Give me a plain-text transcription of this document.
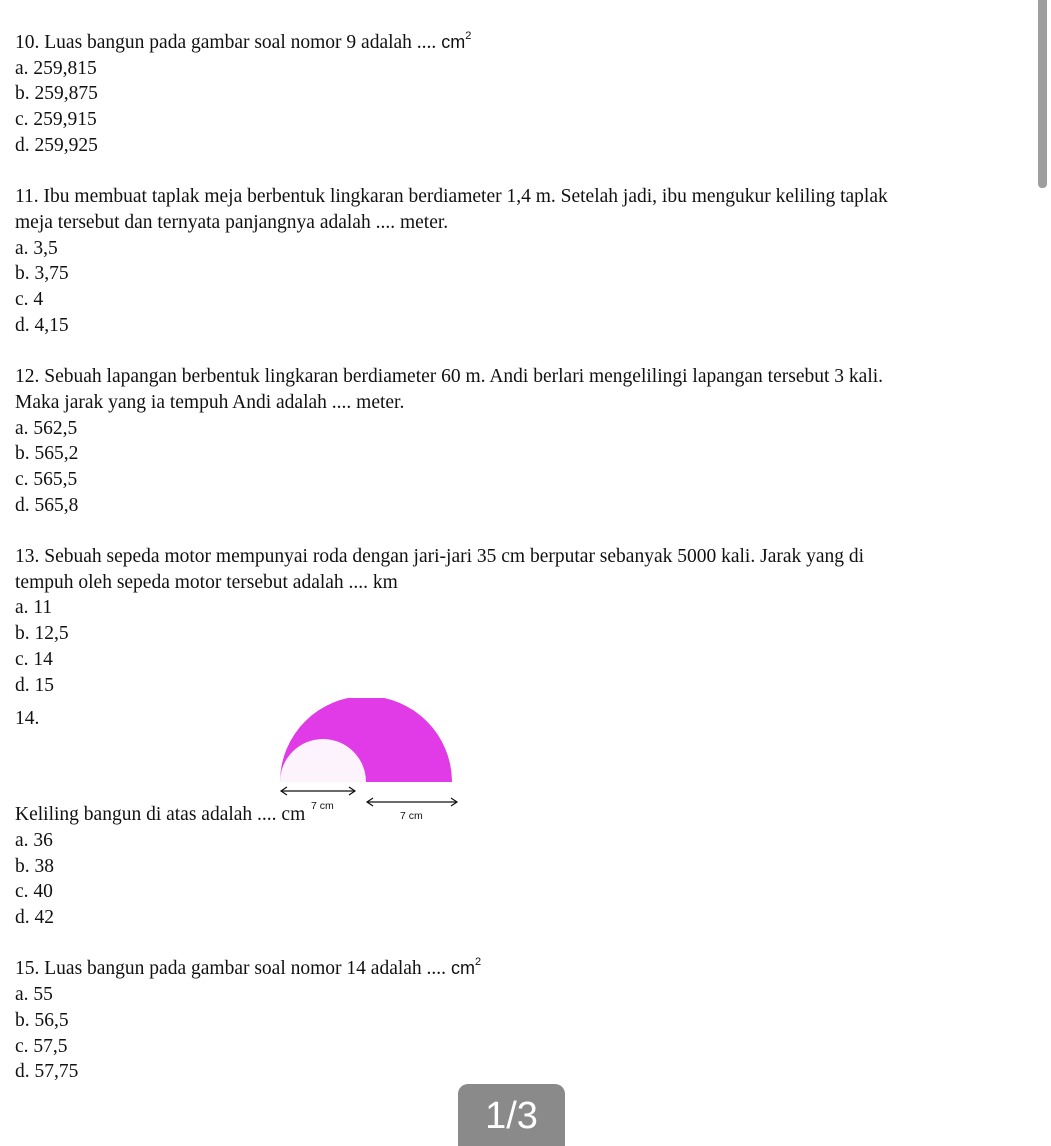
10. Luas bangun pada gambar soal nomor 9 adalah .... $cm^2$

a. 259,815

b. 259,875

c. 259,915

d. 259,925

11. Ibu membuat taplak meja berbentuk lingkaran berdiameter 1,4 m. Setelah jadi, ibu mengukur keliling taplak

meja tersebut dan ternyata panjangnya adalah .... meter.

a. 3,5

b. 3,75

c. 4

d. 4,15

12. Sebuah lapangan berbentuk lingkaran berdiameter 60 m. Andi berlari mengelilingi lapangan tersebut 3 kali.

Maka jarak yang ia tempuh Andi adalah .... meter.

a. 562,5

b. 565,2

c. 565,5

d. 565,8

13. Sebuah sepeda motor mempunyai roda dengan jari-jari 35 cm berputar sebanyak 5000 kali. Jarak yang di

tempuh oleh sepeda motor tersebut adalah .... km

a. 11

b. 12,5

c. 14

d. 15

14.
7 cm
7 cm

Keliling bangun di atas adalah .... cm

a. 36

b. 38

c. 40

d. 42

15. Luas bangun pada gambar soal nomor 14 adalah .... $cm^2$

a. 55

b. 56,5

c. 57,5

d. 57,75

1/3
